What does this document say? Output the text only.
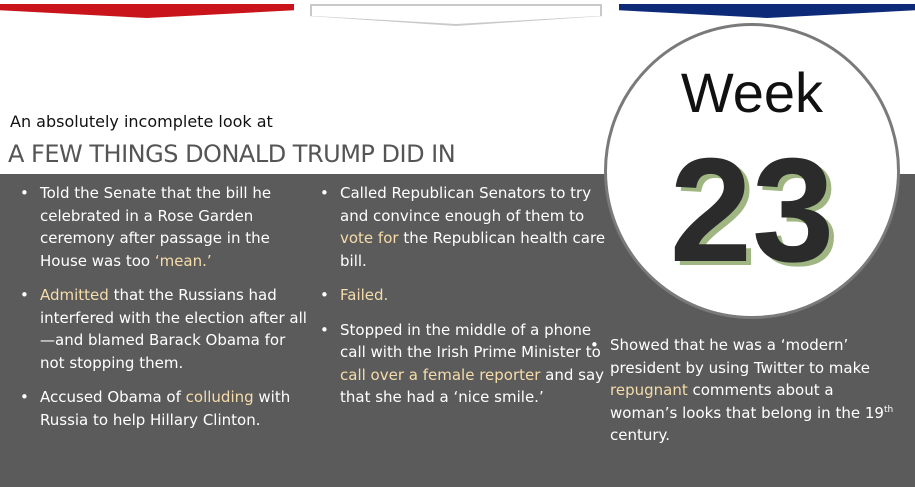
An absolutely incomplete look at
A FEW THINGS DONALD TRUMP DID IN
• Told the Senate that the bill he celebrated in a Rose Garden ceremony after passage in the House was too ‘mean.’
• Admitted that the Russians had interfered with the election after all—and blamed Barack Obama for not stopping them.
• Accused Obama of colluding with Russia to help Hillary Clinton.
• Called Republican Senators to try and convince enough of them to vote for the Republican health care bill.
• Failed.
• Stopped in the middle of a phone call with the Irish Prime Minister to call over a female reporter and say that she had a ‘nice smile.’
• Showed that he was a ‘modern’ president by using Twitter to make repugnant comments about a woman’s looks that belong in the 19th century.
Week
23
